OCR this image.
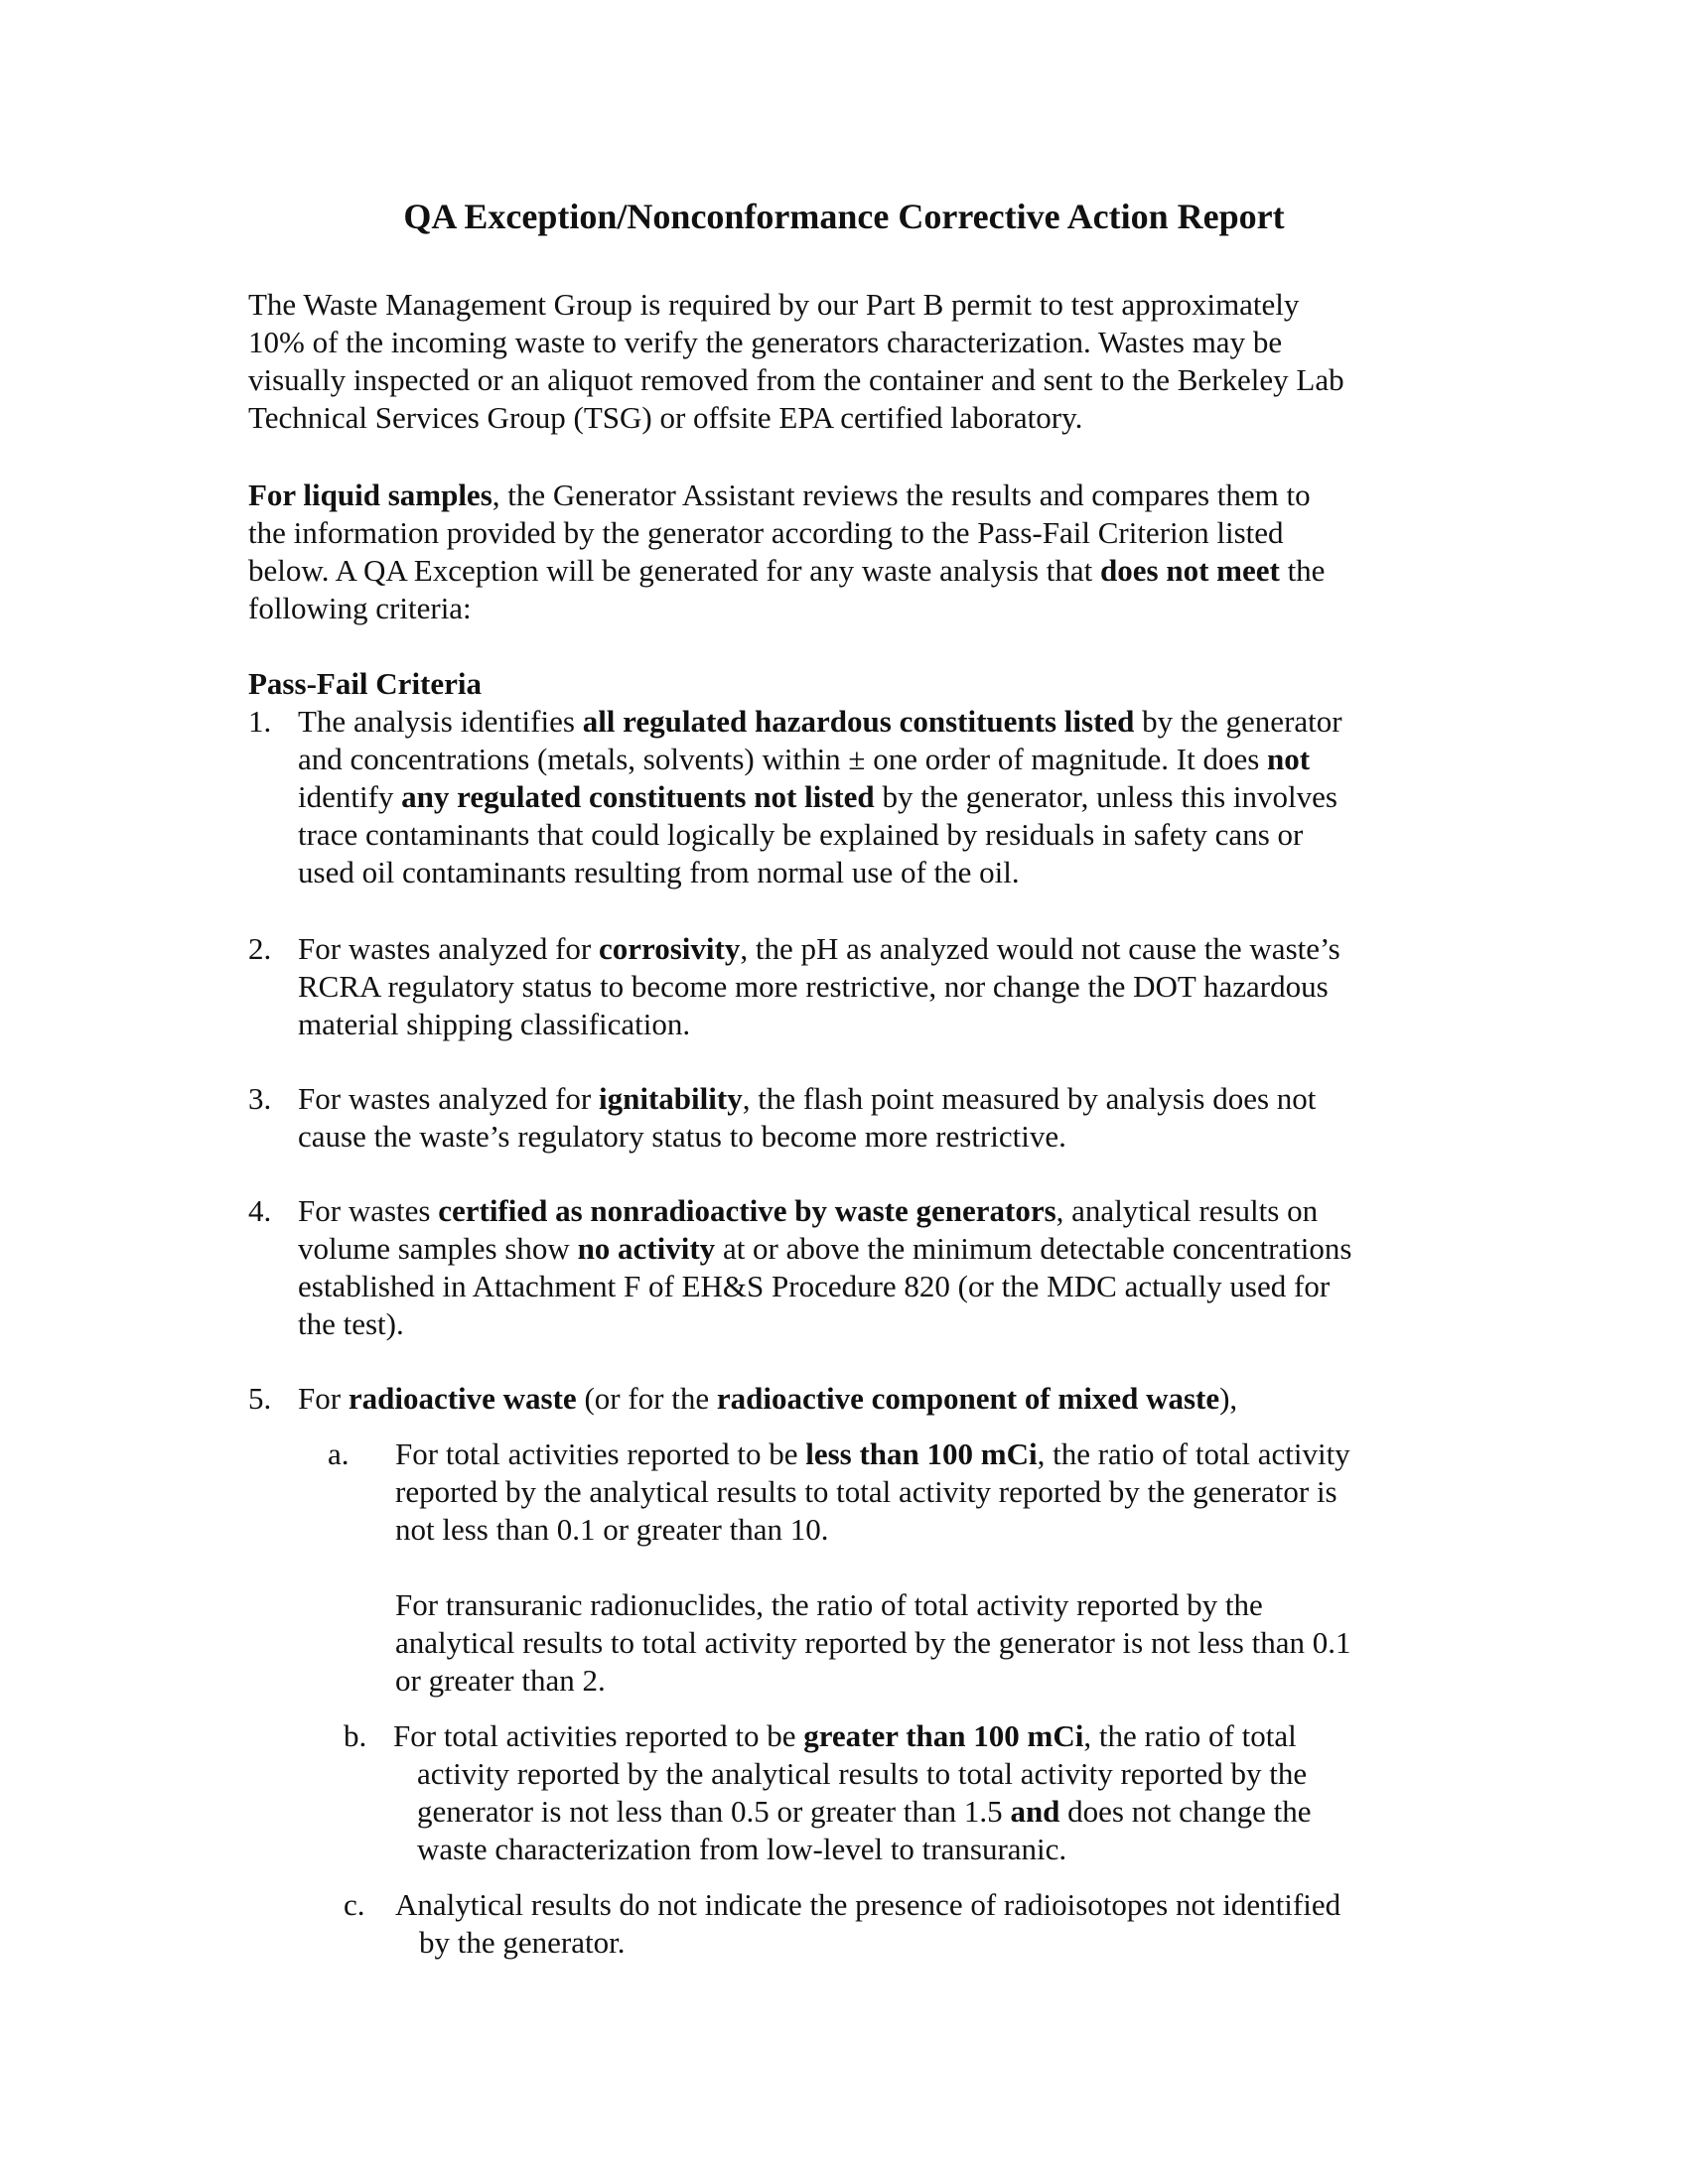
QA Exception/Nonconformance Corrective Action Report
The Waste Management Group is required by our Part B permit to test approximately
10% of the incoming waste to verify the generators characterization. Wastes may be
visually inspected or an aliquot removed from the container and sent to the Berkeley Lab
Technical Services Group (TSG) or offsite EPA certified laboratory.
For liquid samples, the Generator Assistant reviews the results and compares them to
the information provided by the generator according to the Pass-Fail Criterion listed
below. A QA Exception will be generated for any waste analysis that does not meet the
following criteria:
Pass-Fail Criteria
1. The analysis identifies all regulated hazardous constituents listed by the generator
and concentrations (metals, solvents) within ± one order of magnitude. It does not
identify any regulated constituents not listed by the generator, unless this involves
trace contaminants that could logically be explained by residuals in safety cans or
used oil contaminants resulting from normal use of the oil.
2. For wastes analyzed for corrosivity, the pH as analyzed would not cause the waste’s
RCRA regulatory status to become more restrictive, nor change the DOT hazardous
material shipping classification.
3. For wastes analyzed for ignitability, the flash point measured by analysis does not
cause the waste’s regulatory status to become more restrictive.
4. For wastes certified as nonradioactive by waste generators, analytical results on
volume samples show no activity at or above the minimum detectable concentrations
established in Attachment F of EH&S Procedure 820 (or the MDC actually used for
the test).
5. For radioactive waste (or for the radioactive component of mixed waste),
a. For total activities reported to be less than 100 mCi, the ratio of total activity
reported by the analytical results to total activity reported by the generator is
not less than 0.1 or greater than 10.
For transuranic radionuclides, the ratio of total activity reported by the
analytical results to total activity reported by the generator is not less than 0.1
or greater than 2.
b. For total activities reported to be greater than 100 mCi, the ratio of total
activity reported by the analytical results to total activity reported by the
generator is not less than 0.5 or greater than 1.5 and does not change the
waste characterization from low-level to transuranic.
c. Analytical results do not indicate the presence of radioisotopes not identified
by the generator.
